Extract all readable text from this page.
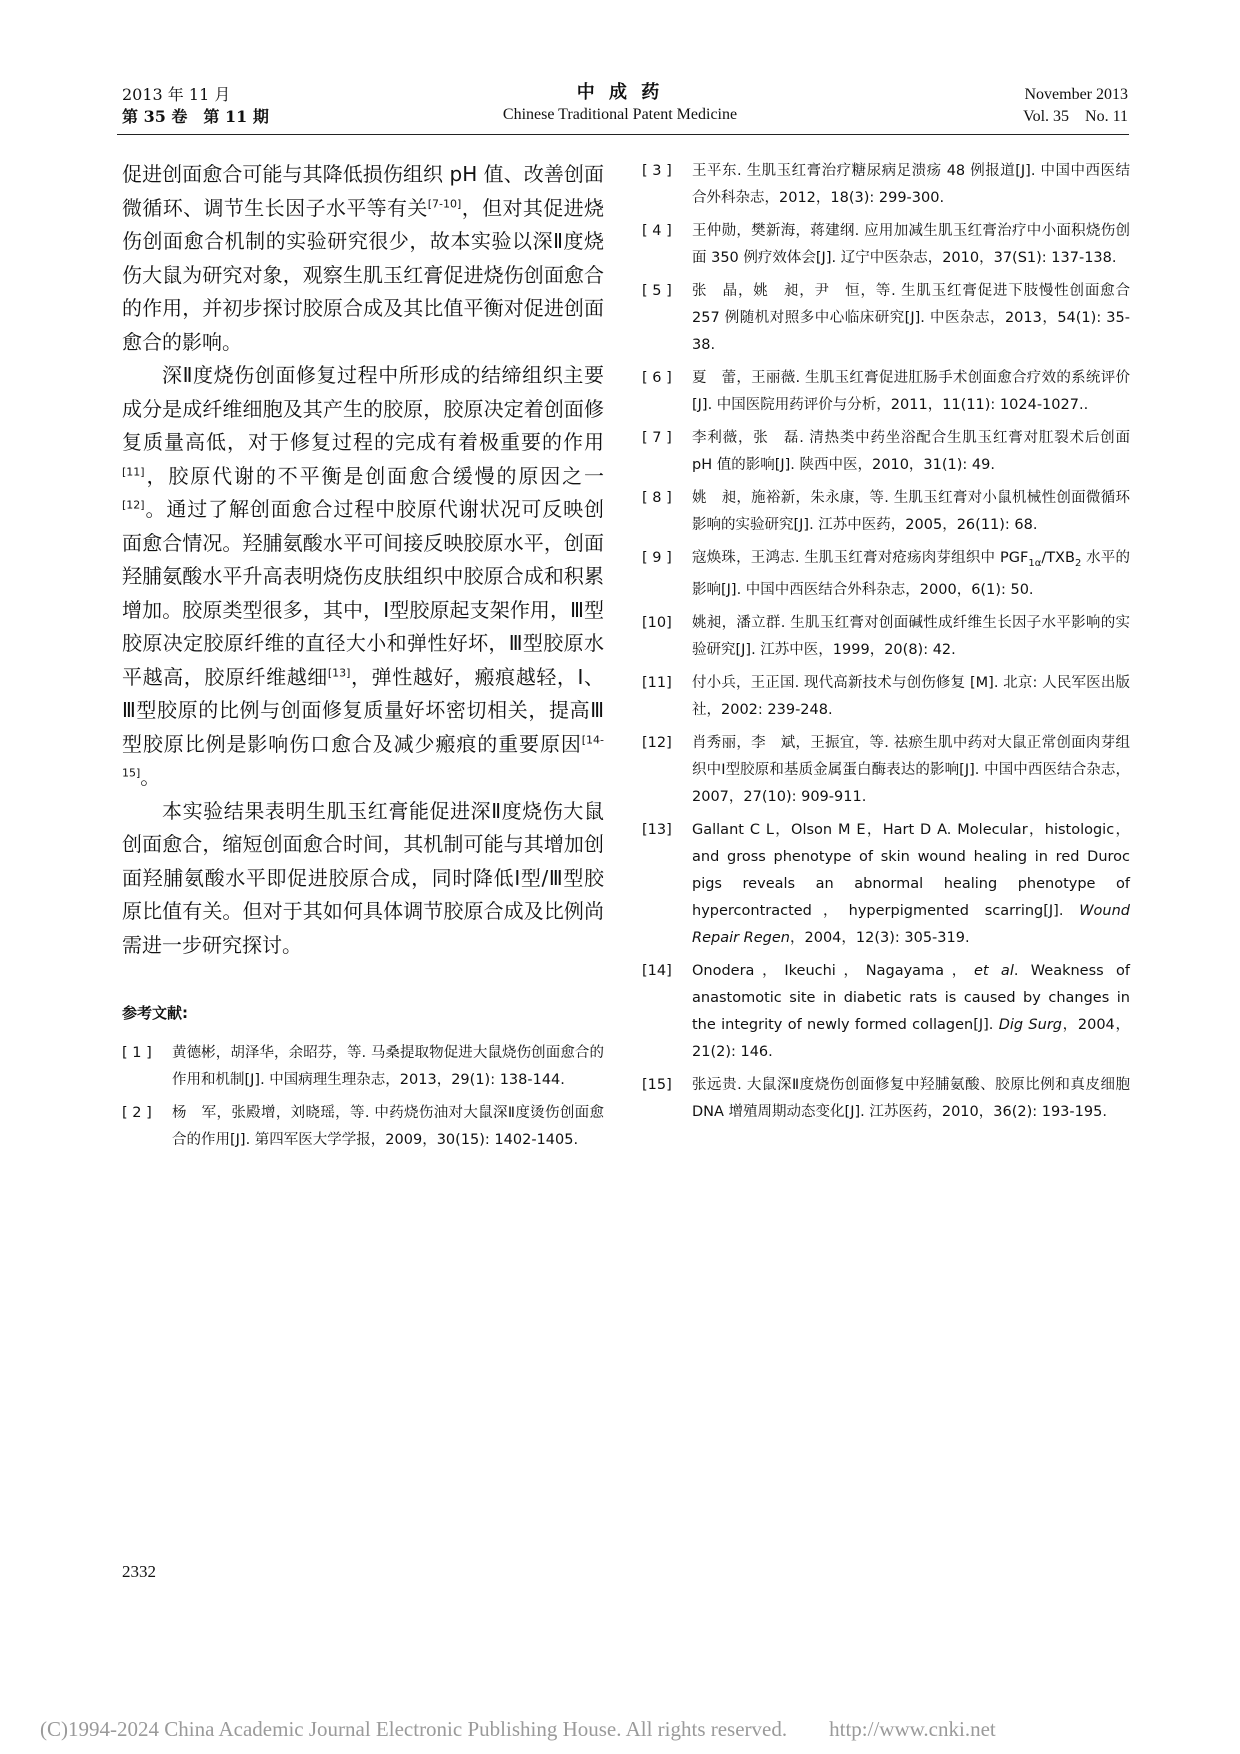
2013 年 11 月
第 35 卷　第 11 期
中 成 药
Chinese Traditional Patent Medicine
November 2013
Vol. 35　No. 11

促进创面愈合可能与其降低损伤组织 pH 值、改善创面微循环、调节生长因子水平等有关[7-10]，但对其促进烧伤创面愈合机制的实验研究很少，故本实验以深Ⅱ度烧伤大鼠为研究对象，观察生肌玉红膏促进烧伤创面愈合的作用，并初步探讨胶原合成及其比值平衡对促进创面愈合的影响。

深Ⅱ度烧伤创面修复过程中所形成的结缔组织主要成分是成纤维细胞及其产生的胶原，胶原决定着创面修复质量高低，对于修复过程的完成有着极重要的作用[11]，胶原代谢的不平衡是创面愈合缓慢的原因之一[12]。通过了解创面愈合过程中胶原代谢状况可反映创面愈合情况。羟脯氨酸水平可间接反映胶原水平，创面羟脯氨酸水平升高表明烧伤皮肤组织中胶原合成和积累增加。胶原类型很多，其中，Ⅰ型胶原起支架作用，Ⅲ型胶原决定胶原纤维的直径大小和弹性好坏，Ⅲ型胶原水平越高，胶原纤维越细[13]，弹性越好，瘢痕越轻，Ⅰ、Ⅲ型胶原的比例与创面修复质量好坏密切相关，提高Ⅲ型胶原比例是影响伤口愈合及减少瘢痕的重要原因[14-15]。

本实验结果表明生肌玉红膏能促进深Ⅱ度烧伤大鼠创面愈合，缩短创面愈合时间，其机制可能与其增加创面羟脯氨酸水平即促进胶原合成，同时降低Ⅰ型/Ⅲ型胶原比值有关。但对于其如何具体调节胶原合成及比例尚需进一步研究探讨。

参考文献:
[ 1 ]	黄德彬，胡泽华，余昭芬，等. 马桑提取物促进大鼠烧伤创面愈合的作用和机制[J]. 中国病理生理杂志，2013，29(1): 138-144.
[ 2 ]	杨　军，张殿增，刘晓瑶，等. 中药烧伤油对大鼠深Ⅱ度烫伤创面愈合的作用[J]. 第四军医大学学报，2009，30(15): 1402-1405.
[ 3 ]	王平东. 生肌玉红膏治疗糖尿病足溃疡 48 例报道[J]. 中国中西医结合外科杂志，2012，18(3): 299-300.
[ 4 ]	王仲勋，樊新海，蒋建纲. 应用加减生肌玉红膏治疗中小面积烧伤创面 350 例疗效体会[J]. 辽宁中医杂志，2010，37(S1): 137-138.
[ 5 ]	张　晶，姚　昶，尹　恒，等. 生肌玉红膏促进下肢慢性创面愈合 257 例随机对照多中心临床研究[J]. 中医杂志，2013，54(1): 35-38.
[ 6 ]	夏　蕾，王丽薇. 生肌玉红膏促进肛肠手术创面愈合疗效的系统评价[J]. 中国医院用药评价与分析，2011，11(11): 1024-1027..
[ 7 ]	李利薇，张　磊. 清热类中药坐浴配合生肌玉红膏对肛裂术后创面 pH 值的影响[J]. 陕西中医，2010，31(1): 49.
[ 8 ]	姚　昶，施裕新，朱永康，等. 生肌玉红膏对小鼠机械性创面微循环影响的实验研究[J]. 江苏中医药，2005，26(11): 68.
[ 9 ]	寇焕珠，王鸿志. 生肌玉红膏对疮疡肉芽组织中 $PGF_{1\alpha}/TXB_2$ 水平的影响[J]. 中国中西医结合外科杂志，2000，6(1): 50.
[10]	姚昶，潘立群. 生肌玉红膏对创面碱性成纤维生长因子水平影响的实验研究[J]. 江苏中医，1999，20(8): 42.
[11]	付小兵，王正国. 现代高新技术与创伤修复 [M]. 北京: 人民军医出版社，2002: 239-248.
[12]	肖秀丽，李　斌，王振宜，等. 祛瘀生肌中药对大鼠正常创面肉芽组织中Ⅰ型胶原和基质金属蛋白酶表达的影响[J]. 中国中西医结合杂志，2007，27(10): 909-911.
[13]	Gallant C L，Olson M E，Hart D A. Molecular，histologic，and gross phenotype of skin wound healing in red Duroc pigs reveals an abnormal healing phenotype of hypercontracted，hyperpigmented scarring[J]. Wound Repair Regen，2004，12(3): 305-319.
[14]	Onodera，Ikeuchi，Nagayama，et al. Weakness of anastomotic site in diabetic rats is caused by changes in the integrity of newly formed collagen[J]. Dig Surg，2004，21(2): 146.
[15]	张远贵. 大鼠深Ⅱ度烧伤创面修复中羟脯氨酸、胶原比例和真皮细胞 DNA 增殖周期动态变化[J]. 江苏医药，2010，36(2): 193-195.
2332
(C)1994-2024 China Academic Journal Electronic Publishing House. All rights reserved.　　http://www.cnki.net
